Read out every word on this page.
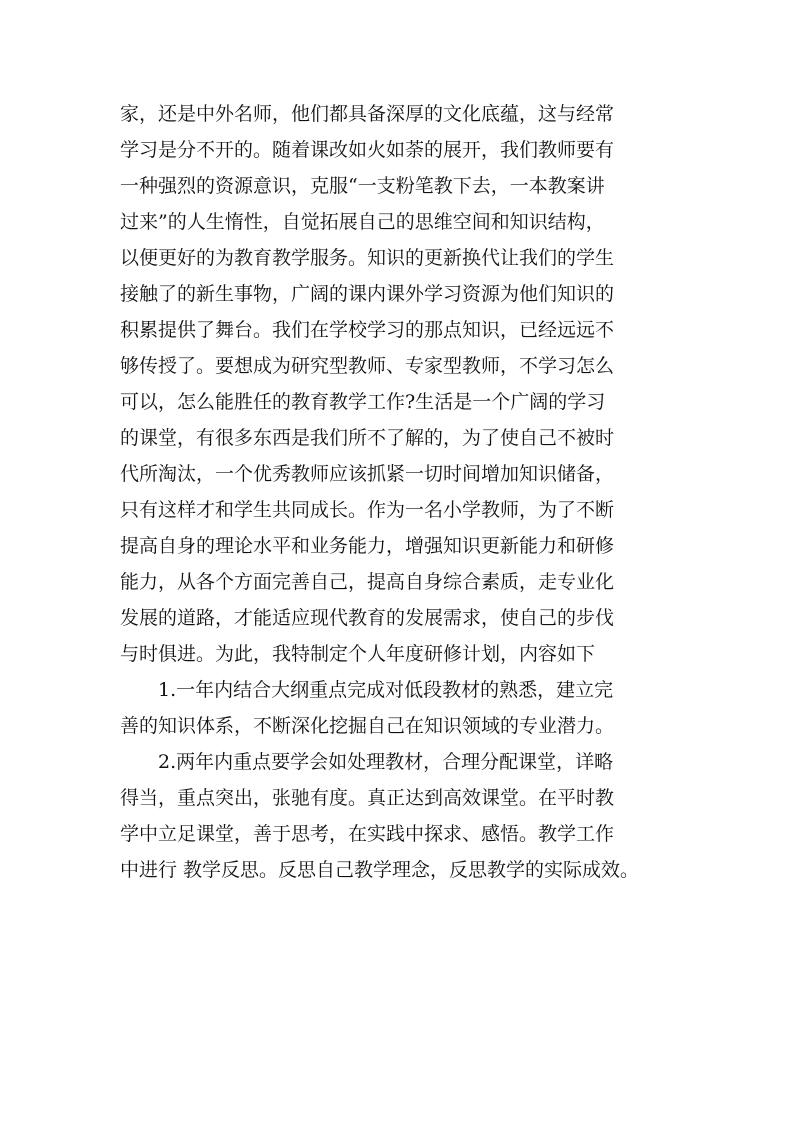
家，还是中外名师，他们都具备深厚的文化底蕴，这与经常
学习是分不开的。随着课改如火如荼的展开，我们教师要有
一种强烈的资源意识，克服“一支粉笔教下去，一本教案讲
过来”的人生惰性，自觉拓展自己的思维空间和知识结构，
以便更好的为教育教学服务。知识的更新换代让我们的学生
接触了的新生事物，广阔的课内课外学习资源为他们知识的
积累提供了舞台。我们在学校学习的那点知识，已经远远不
够传授了。要想成为研究型教师、专家型教师，不学习怎么
可以，怎么能胜任的教育教学工作?生活是一个广阔的学习
的课堂，有很多东西是我们所不了解的，为了使自己不被时
代所淘汰，一个优秀教师应该抓紧一切时间增加知识储备，
只有这样才和学生共同成长。作为一名小学教师，为了不断
提高自身的理论水平和业务能力，增强知识更新能力和研修
能力，从各个方面完善自己，提高自身综合素质，走专业化
发展的道路，才能适应现代教育的发展需求，使自己的步伐
与时俱进。为此，我特制定个人年度研修计划，内容如下
1.一年内结合大纲重点完成对低段教材的熟悉，建立完
善的知识体系，不断深化挖掘自己在知识领域的专业潜力。
2.两年内重点要学会如处理教材，合理分配课堂，详略
得当，重点突出，张驰有度。真正达到高效课堂。在平时教
学中立足课堂，善于思考，在实践中探求、感悟。教学工作
中进行 教学反思。反思自己教学理念，反思教学的实际成效。
